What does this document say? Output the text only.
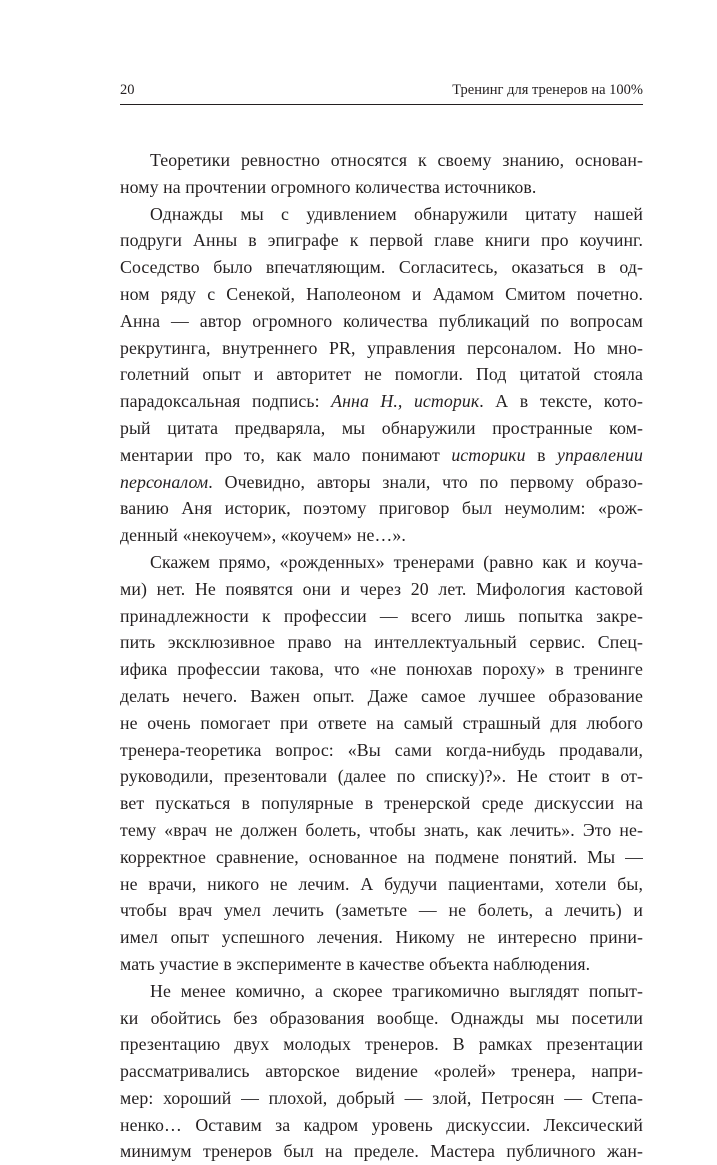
20	Тренинг для тренеров на 100%
Теоретики ревностно относятся к своему знанию, основан-
ному на прочтении огромного количества источников.
Однажды мы с удивлением обнаружили цитату нашей
подруги Анны в эпиграфе к первой главе книги про коучинг.
Соседство было впечатляющим. Согласитесь, оказаться в од-
ном ряду с Сенекой, Наполеоном и Адамом Смитом почетно.
Анна — автор огромного количества публикаций по вопросам
рекрутинга, внутреннего PR, управления персоналом. Но мно-
голетний опыт и авторитет не помогли. Под цитатой стояла
парадоксальная подпись: Анна Н., историк. А в тексте, кото-
рый цитата предваряла, мы обнаружили пространные ком-
ментарии про то, как мало понимают историки в управлении
персоналом. Очевидно, авторы знали, что по первому образо-
ванию Аня историк, поэтому приговор был неумолим: «рож-
денный «некоучем», «коучем» не…».
Скажем прямо, «рожденных» тренерами (равно как и коуча-
ми) нет. Не появятся они и через 20 лет. Мифология кастовой
принадлежности к профессии — всего лишь попытка закре-
пить эксклюзивное право на интеллектуальный сервис. Спец-
ифика профессии такова, что «не понюхав пороху» в тренинге
делать нечего. Важен опыт. Даже самое лучшее образование
не очень помогает при ответе на самый страшный для любого
тренера-теоретика вопрос: «Вы сами когда-нибудь продавали,
руководили, презентовали (далее по списку)?». Не стоит в от-
вет пускаться в популярные в тренерской среде дискуссии на
тему «врач не должен болеть, чтобы знать, как лечить». Это не-
корректное сравнение, основанное на подмене понятий. Мы —
не врачи, никого не лечим. А будучи пациентами, хотели бы,
чтобы врач умел лечить (заметьте — не болеть, а лечить) и
имел опыт успешного лечения. Никому не интересно прини-
мать участие в эксперименте в качестве объекта наблюдения.
Не менее комично, а скорее трагикомично выглядят попыт-
ки обойтись без образования вообще. Однажды мы посетили
презентацию двух молодых тренеров. В рамках презентации
рассматривались авторское видение «ролей» тренера, напри-
мер: хороший — плохой, добрый — злой, Петросян — Степа-
ненко… Оставим за кадром уровень дискуссии. Лексический
минимум тренеров был на пределе. Мастера публичного жан-
